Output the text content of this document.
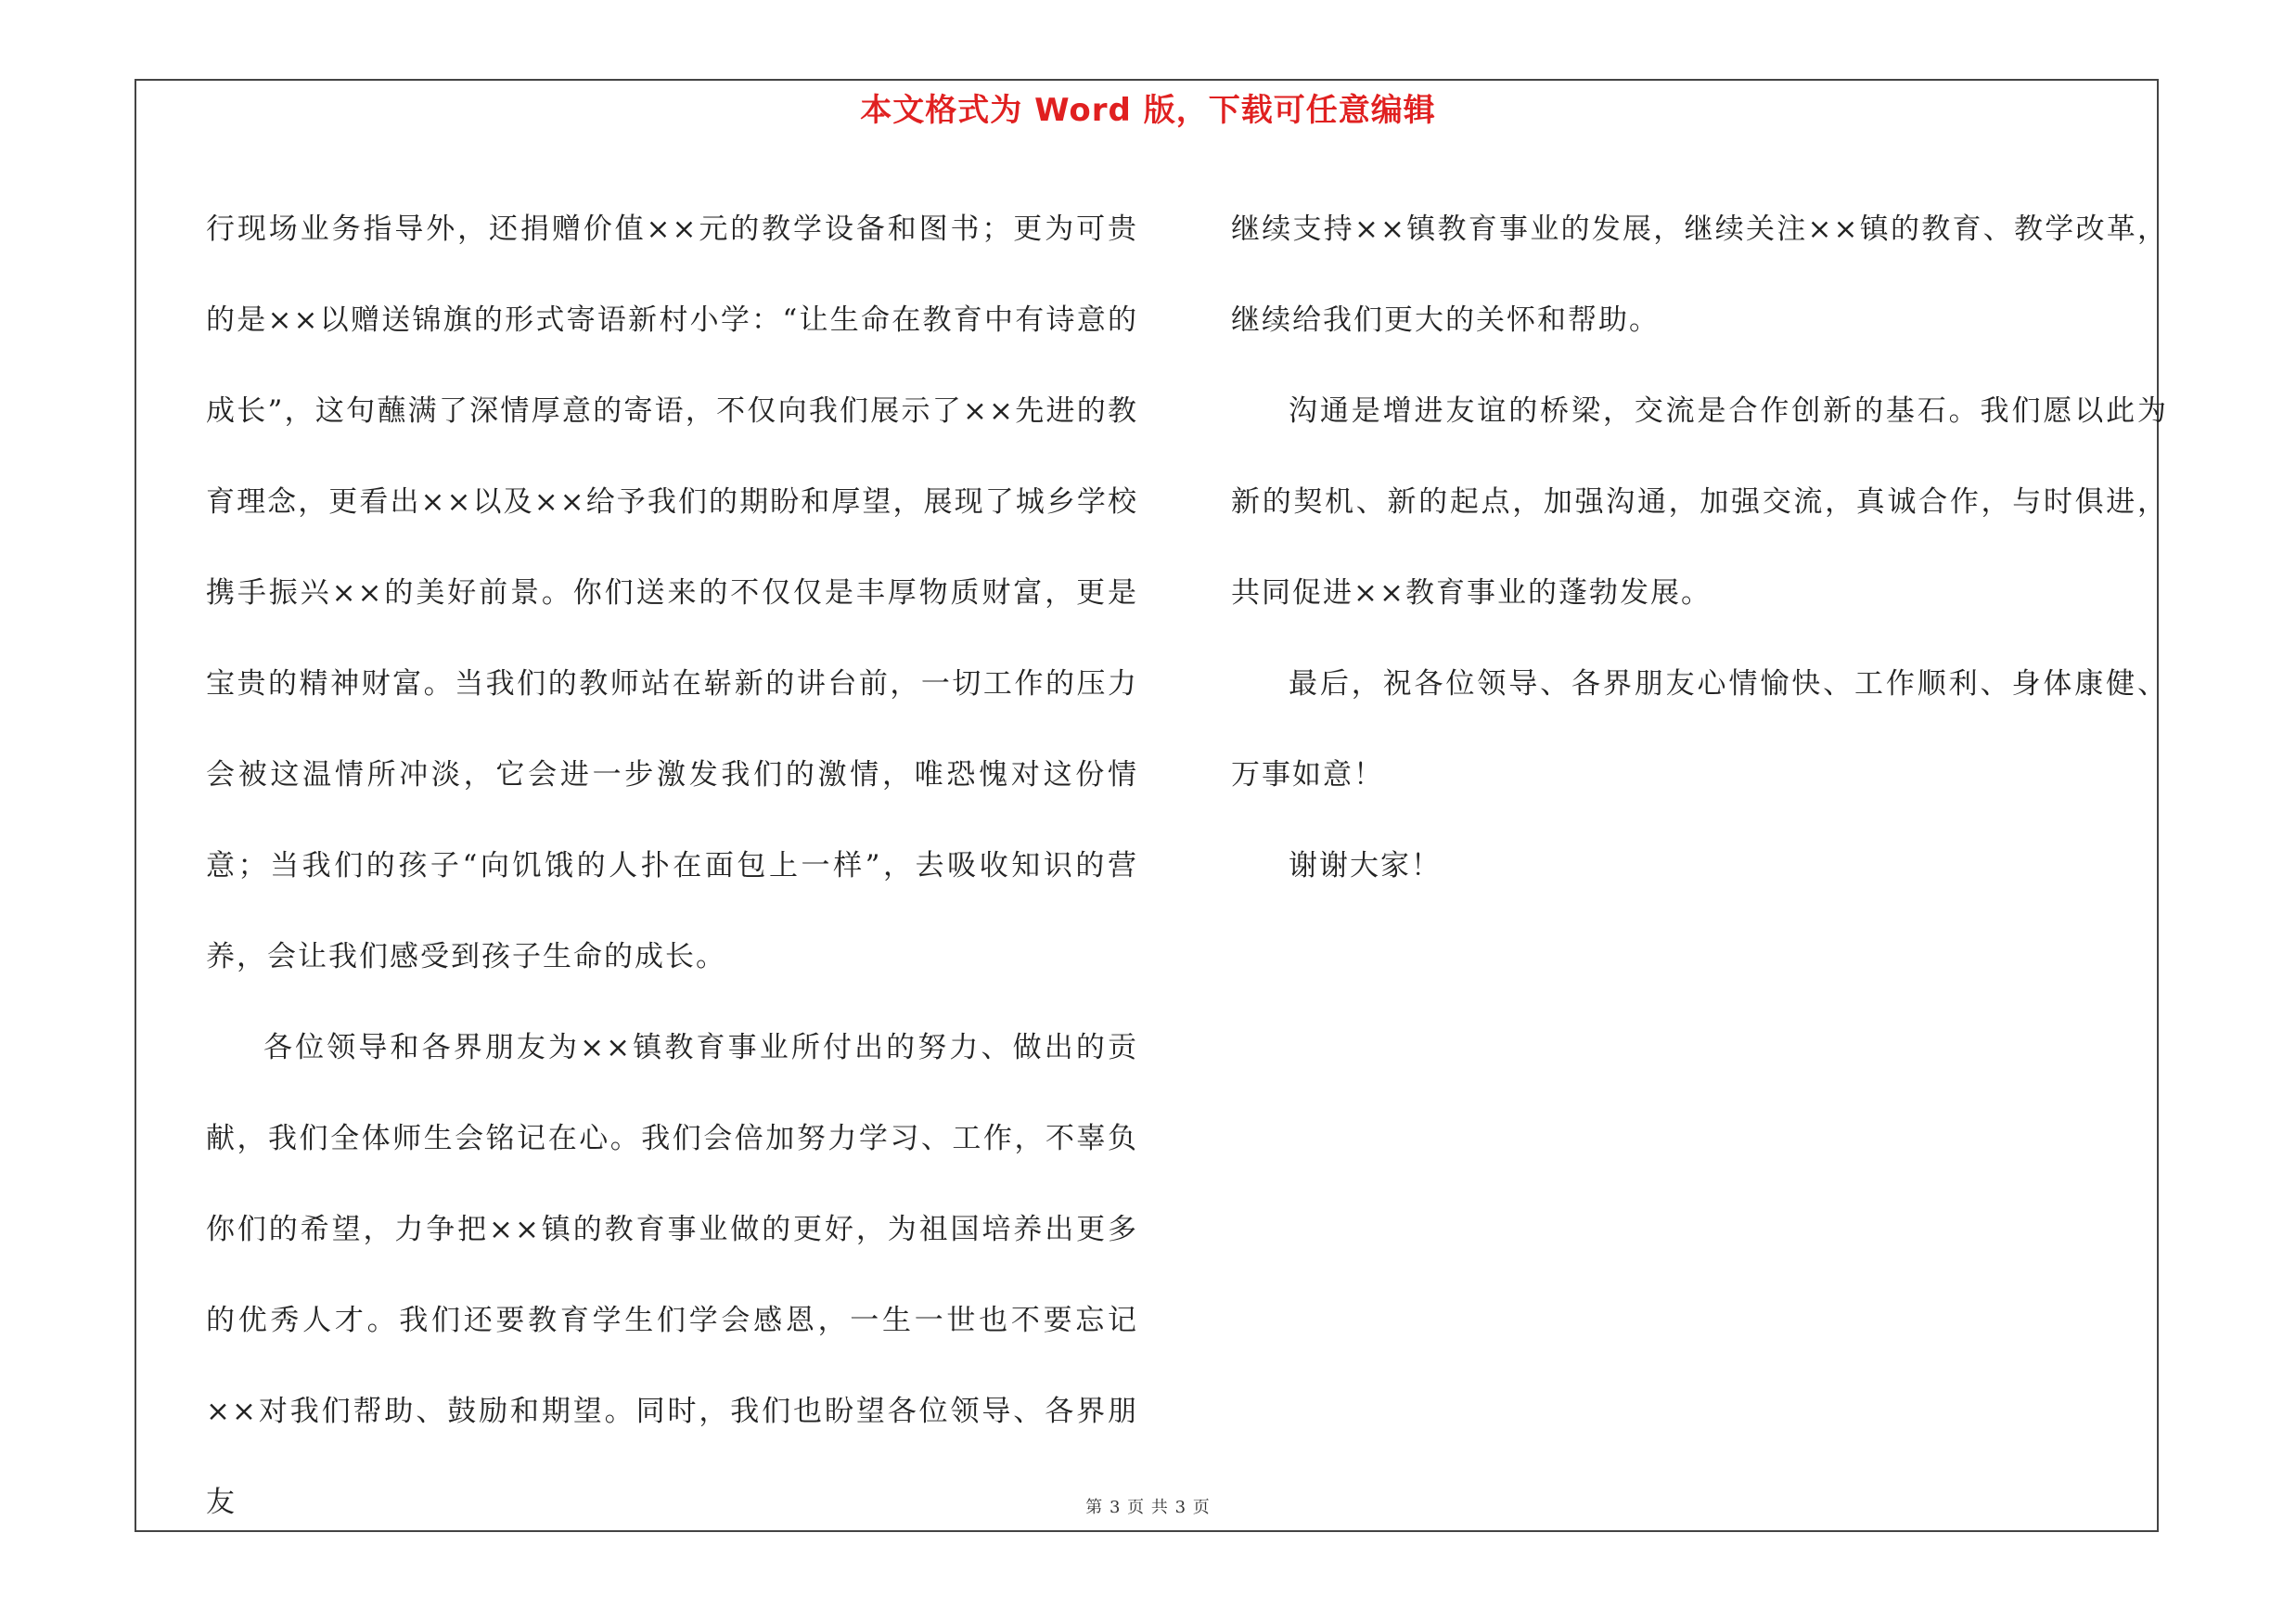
本文格式为 Word 版，下载可任意编辑

行现场业务指导外，还捐赠价值××元的教学设备和图书；更为可贵的是××以赠送锦旗的形式寄语新村小学：“让生命在教育中有诗意的成长”，这句蘸满了深情厚意的寄语，不仅向我们展示了××先进的教育理念，更看出××以及××给予我们的期盼和厚望，展现了城乡学校携手振兴××的美好前景。你们送来的不仅仅是丰厚物质财富，更是宝贵的精神财富。当我们的教师站在崭新的讲台前，一切工作的压力会被这温情所冲淡，它会进一步激发我们的激情，唯恐愧对这份情意；当我们的孩子“向饥饿的人扑在面包上一样”，去吸收知识的营养，会让我们感受到孩子生命的成长。

各位领导和各界朋友为××镇教育事业所付出的努力、做出的贡献，我们全体师生会铭记在心。我们会倍加努力学习、工作，不辜负你们的希望，力争把××镇的教育事业做的更好，为祖国培养出更多的优秀人才。我们还要教育学生们学会感恩，一生一世也不要忘记××对我们帮助、鼓励和期望。同时，我们也盼望各位领导、各界朋友

继续支持××镇教育事业的发展，继续关注××镇的教育、教学改革，继续给我们更大的关怀和帮助。

沟通是增进友谊的桥梁，交流是合作创新的基石。我们愿以此为新的契机、新的起点，加强沟通，加强交流，真诚合作，与时俱进，共同促进××教育事业的蓬勃发展。

最后，祝各位领导、各界朋友心情愉快、工作顺利、身体康健、万事如意！

谢谢大家！

第 3 页 共 3 页
